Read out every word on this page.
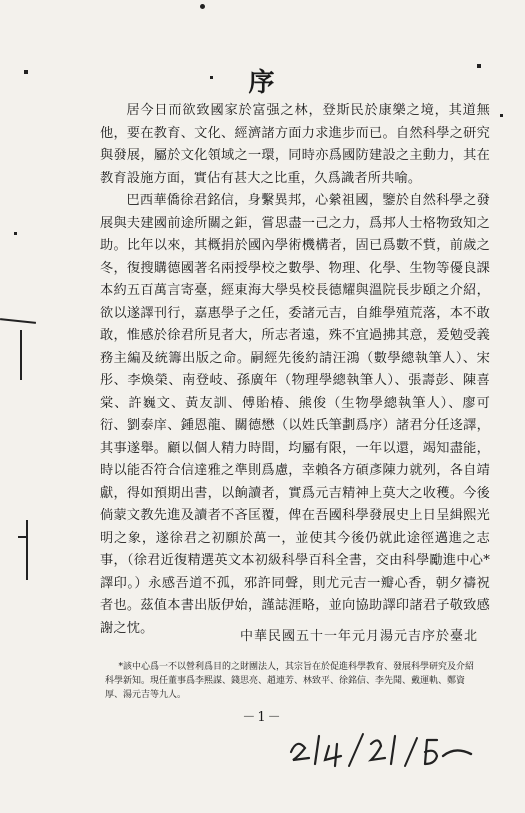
序

居今日而欲致國家於富强之林，登斯民於康樂之境，其道無他，要在教育、文化、經濟諸方面力求進步而已。自然科學之研究與發展，屬於文化領域之一環，同時亦爲國防建設之主動力，其在教育設施方面，實佔有甚大之比重，久爲識者所共喻。

巴西華僑徐君銘信，身繫異邦，心縈祖國，鑒於自然科學之發展與夫建國前途所關之鉅，嘗思盡一己之力，爲邦人士格物致知之助。比年以來，其概捐於國內學術機構者，固已爲數不貲，前歲之冬，復搜購德國著名兩授學校之數學、物理、化學、生物等優良課本約五百萬言寄臺，經東海大學吳校長德耀與溫院長步頤之介紹，欲以遂譯刊行，嘉惠學子之任，委諸元吉，自維學殖荒落，本不敢敢，惟感於徐君所見者大，所志者遠，殊不宜過拂其意，爰勉受義務主編及統籌出版之命。嗣經先後約請汪鴻（數學總執筆人）、宋彤、李煥榮、南登岐、孫廣年（物理學總執筆人）、張壽彭、陳喜棠、許巍文、黃友訓、傅貽椿、熊俊（生物學總執筆人）、廖可衍、劉泰庠、鍾恩龍、關德懋（以姓氏筆劃爲序）諸君分任迻譯，其事遂舉。顧以個人精力時間，均屬有限，一年以還，竭知盡能，時以能否符合信達雅之準則爲慮，幸賴各方碩彥陳力就列，各自靖獻，得如預期出書，以餉讀者，實爲元吉精神上莫大之收穫。今後倘蒙文教先進及讀者不吝匡覆，俾在吾國科學發展史上日呈緝熙光明之象，遂徐君之初願於萬一，並使其今後仍就此途徑邁進之志事，（徐君近復精選英文本初級科學百科全書，交由科學勵進中心* 譯印。）永感吾道不孤，邪許同聲，則尤元吉一瓣心香，朝夕禱祝者也。茲值本書出版伊始，謹誌涯略，並向協助譯印諸君子敬致感謝之忱。

中華民國五十一年元月湯元吉序於臺北
*該中心爲一不以營利爲目的之財團法人，其宗旨在於促進科學教育、發展科學研究及介紹科學新知。現任董事爲李熙謀、錢思亮、趙連芳、林致平、徐銘信、李先聞、戴運軌、鄭資厚、湯元吉等九人。
－1－
